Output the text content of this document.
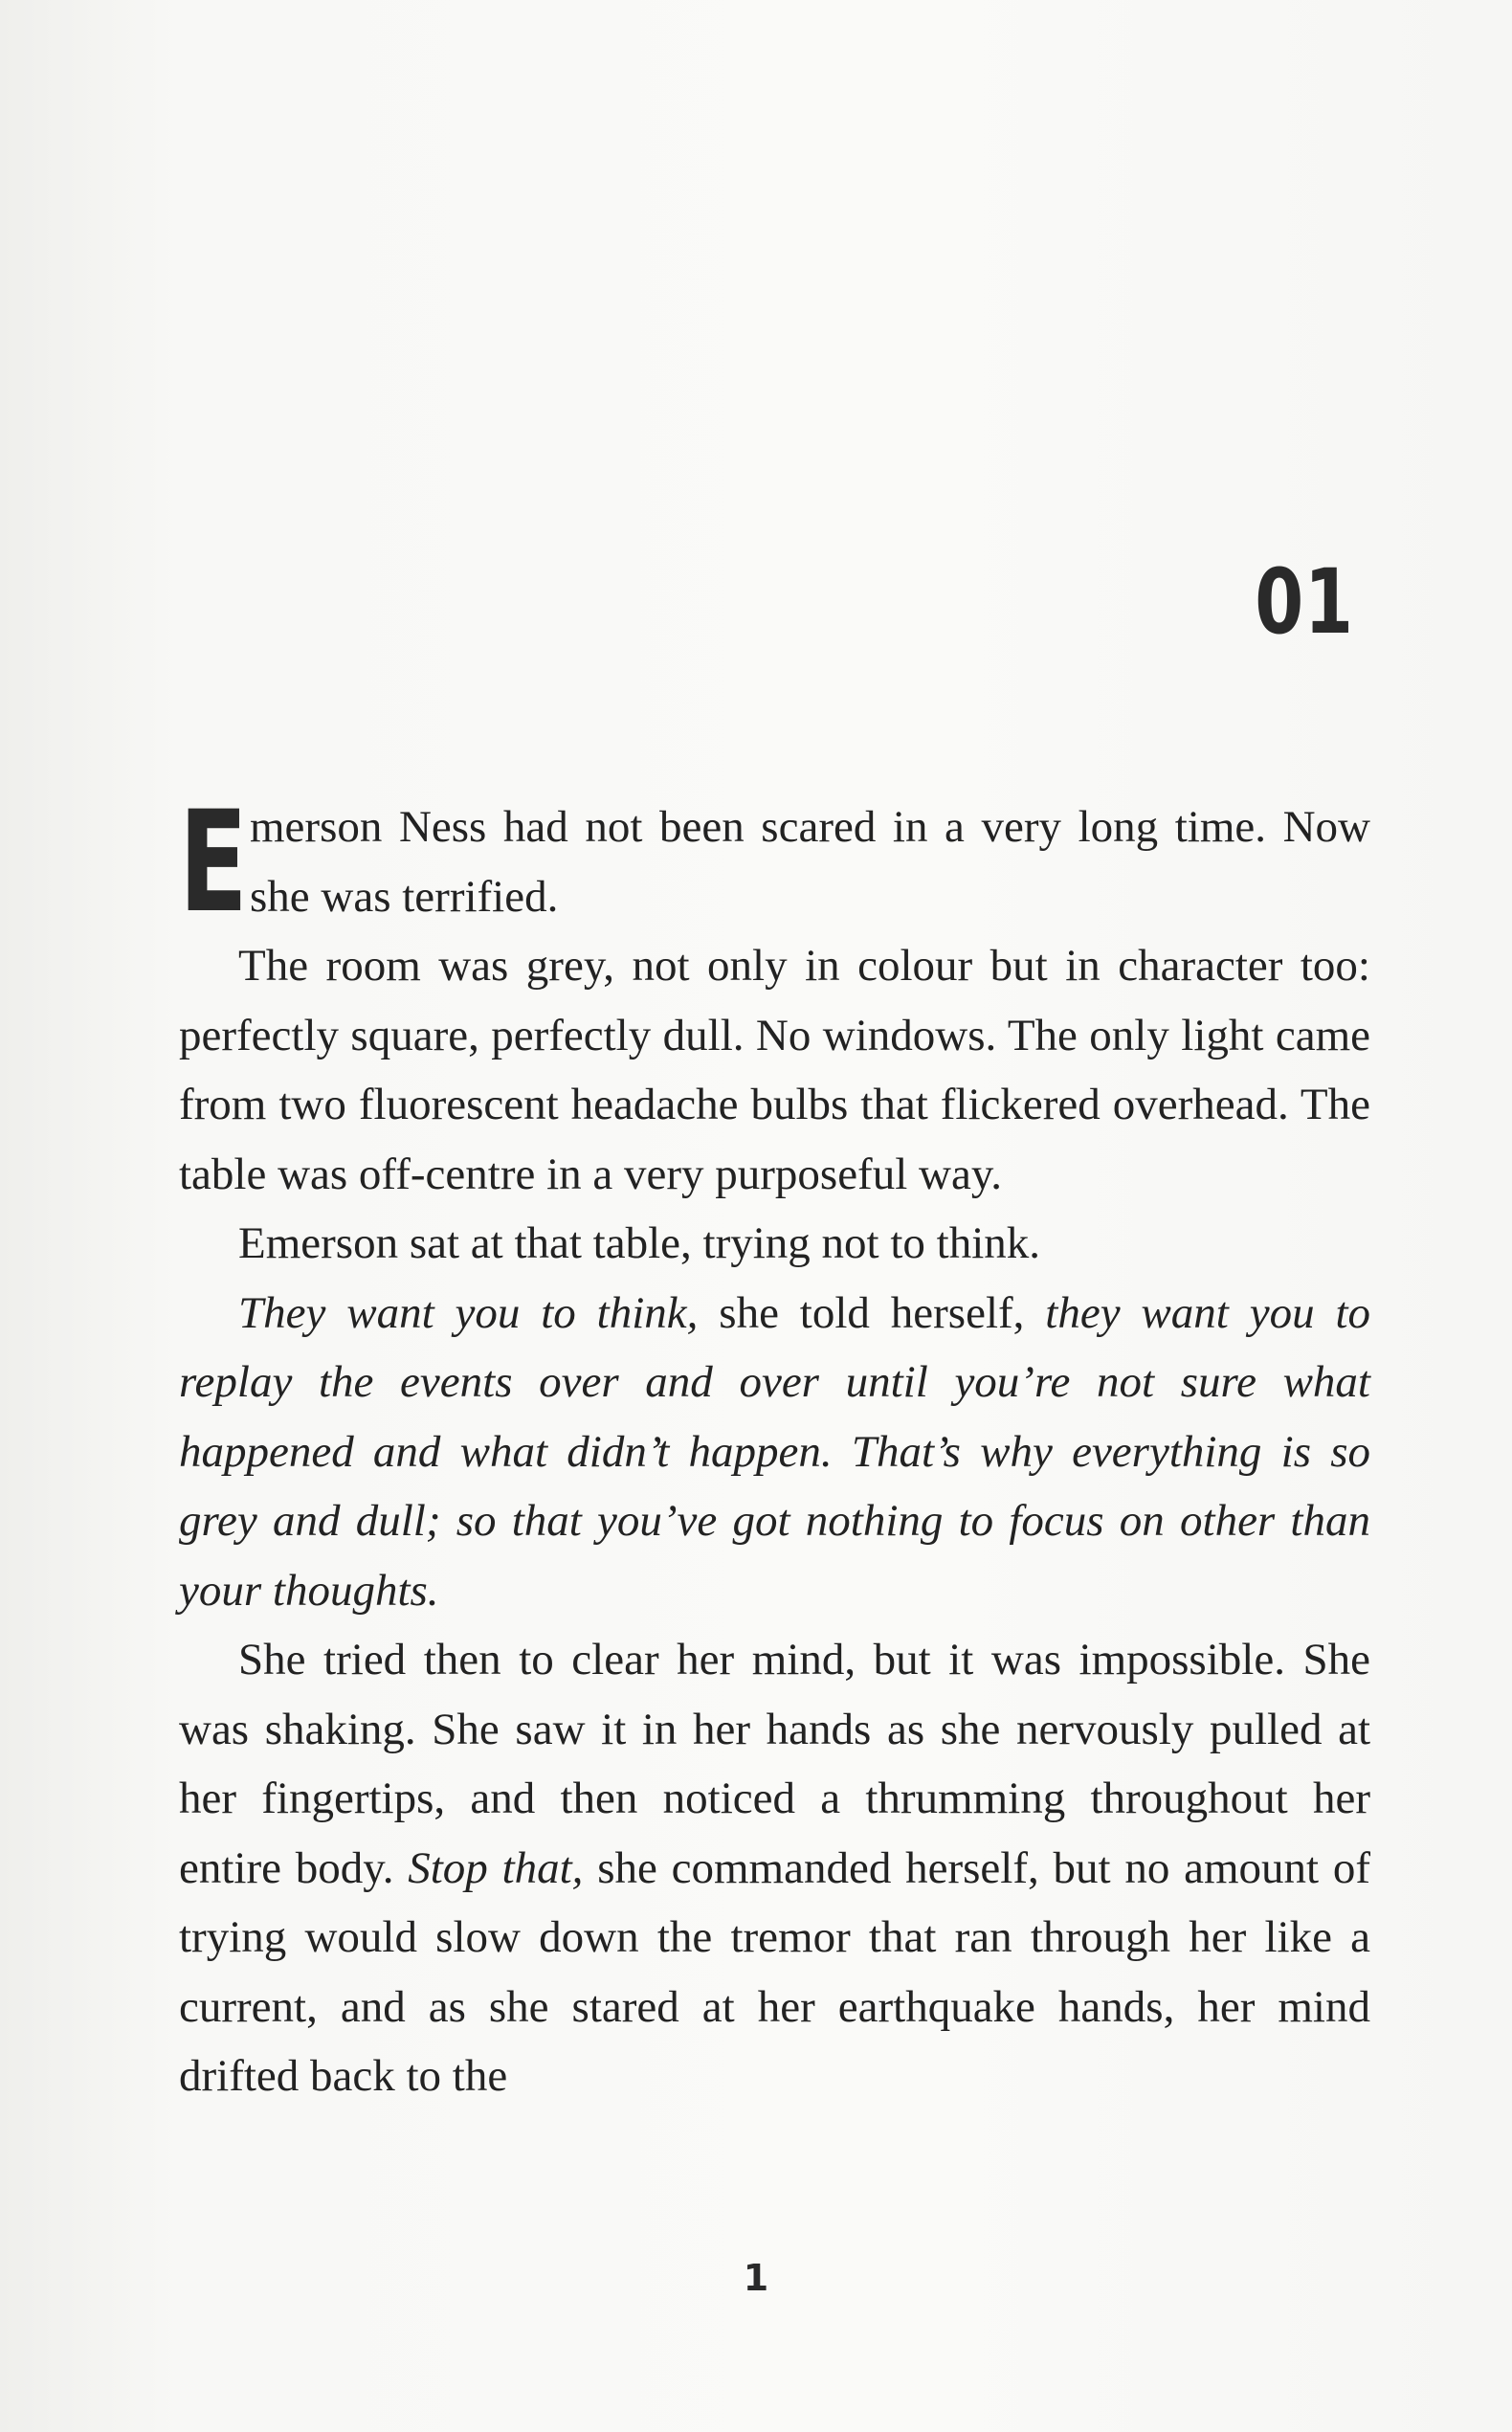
01

Emerson Ness had not been scared in a very long time. Now she was terrified.

The room was grey, not only in colour but in character too: perfectly square, perfectly dull. No windows. The only light came from two fluorescent headache bulbs that flickered overhead. The table was off-centre in a very purposeful way.

Emerson sat at that table, trying not to think.

They want you to think, she told herself, they want you to replay the events over and over until you’re not sure what happened and what didn’t happen. That’s why everything is so grey and dull; so that you’ve got nothing to focus on other than your thoughts.

She tried then to clear her mind, but it was impossible. She was shaking. She saw it in her hands as she nervously pulled at her fingertips, and then noticed a thrumming throughout her entire body. Stop that, she commanded herself, but no amount of trying would slow down the tremor that ran through her like a current, and as she stared at her earthquake hands, her mind drifted back to the

1
